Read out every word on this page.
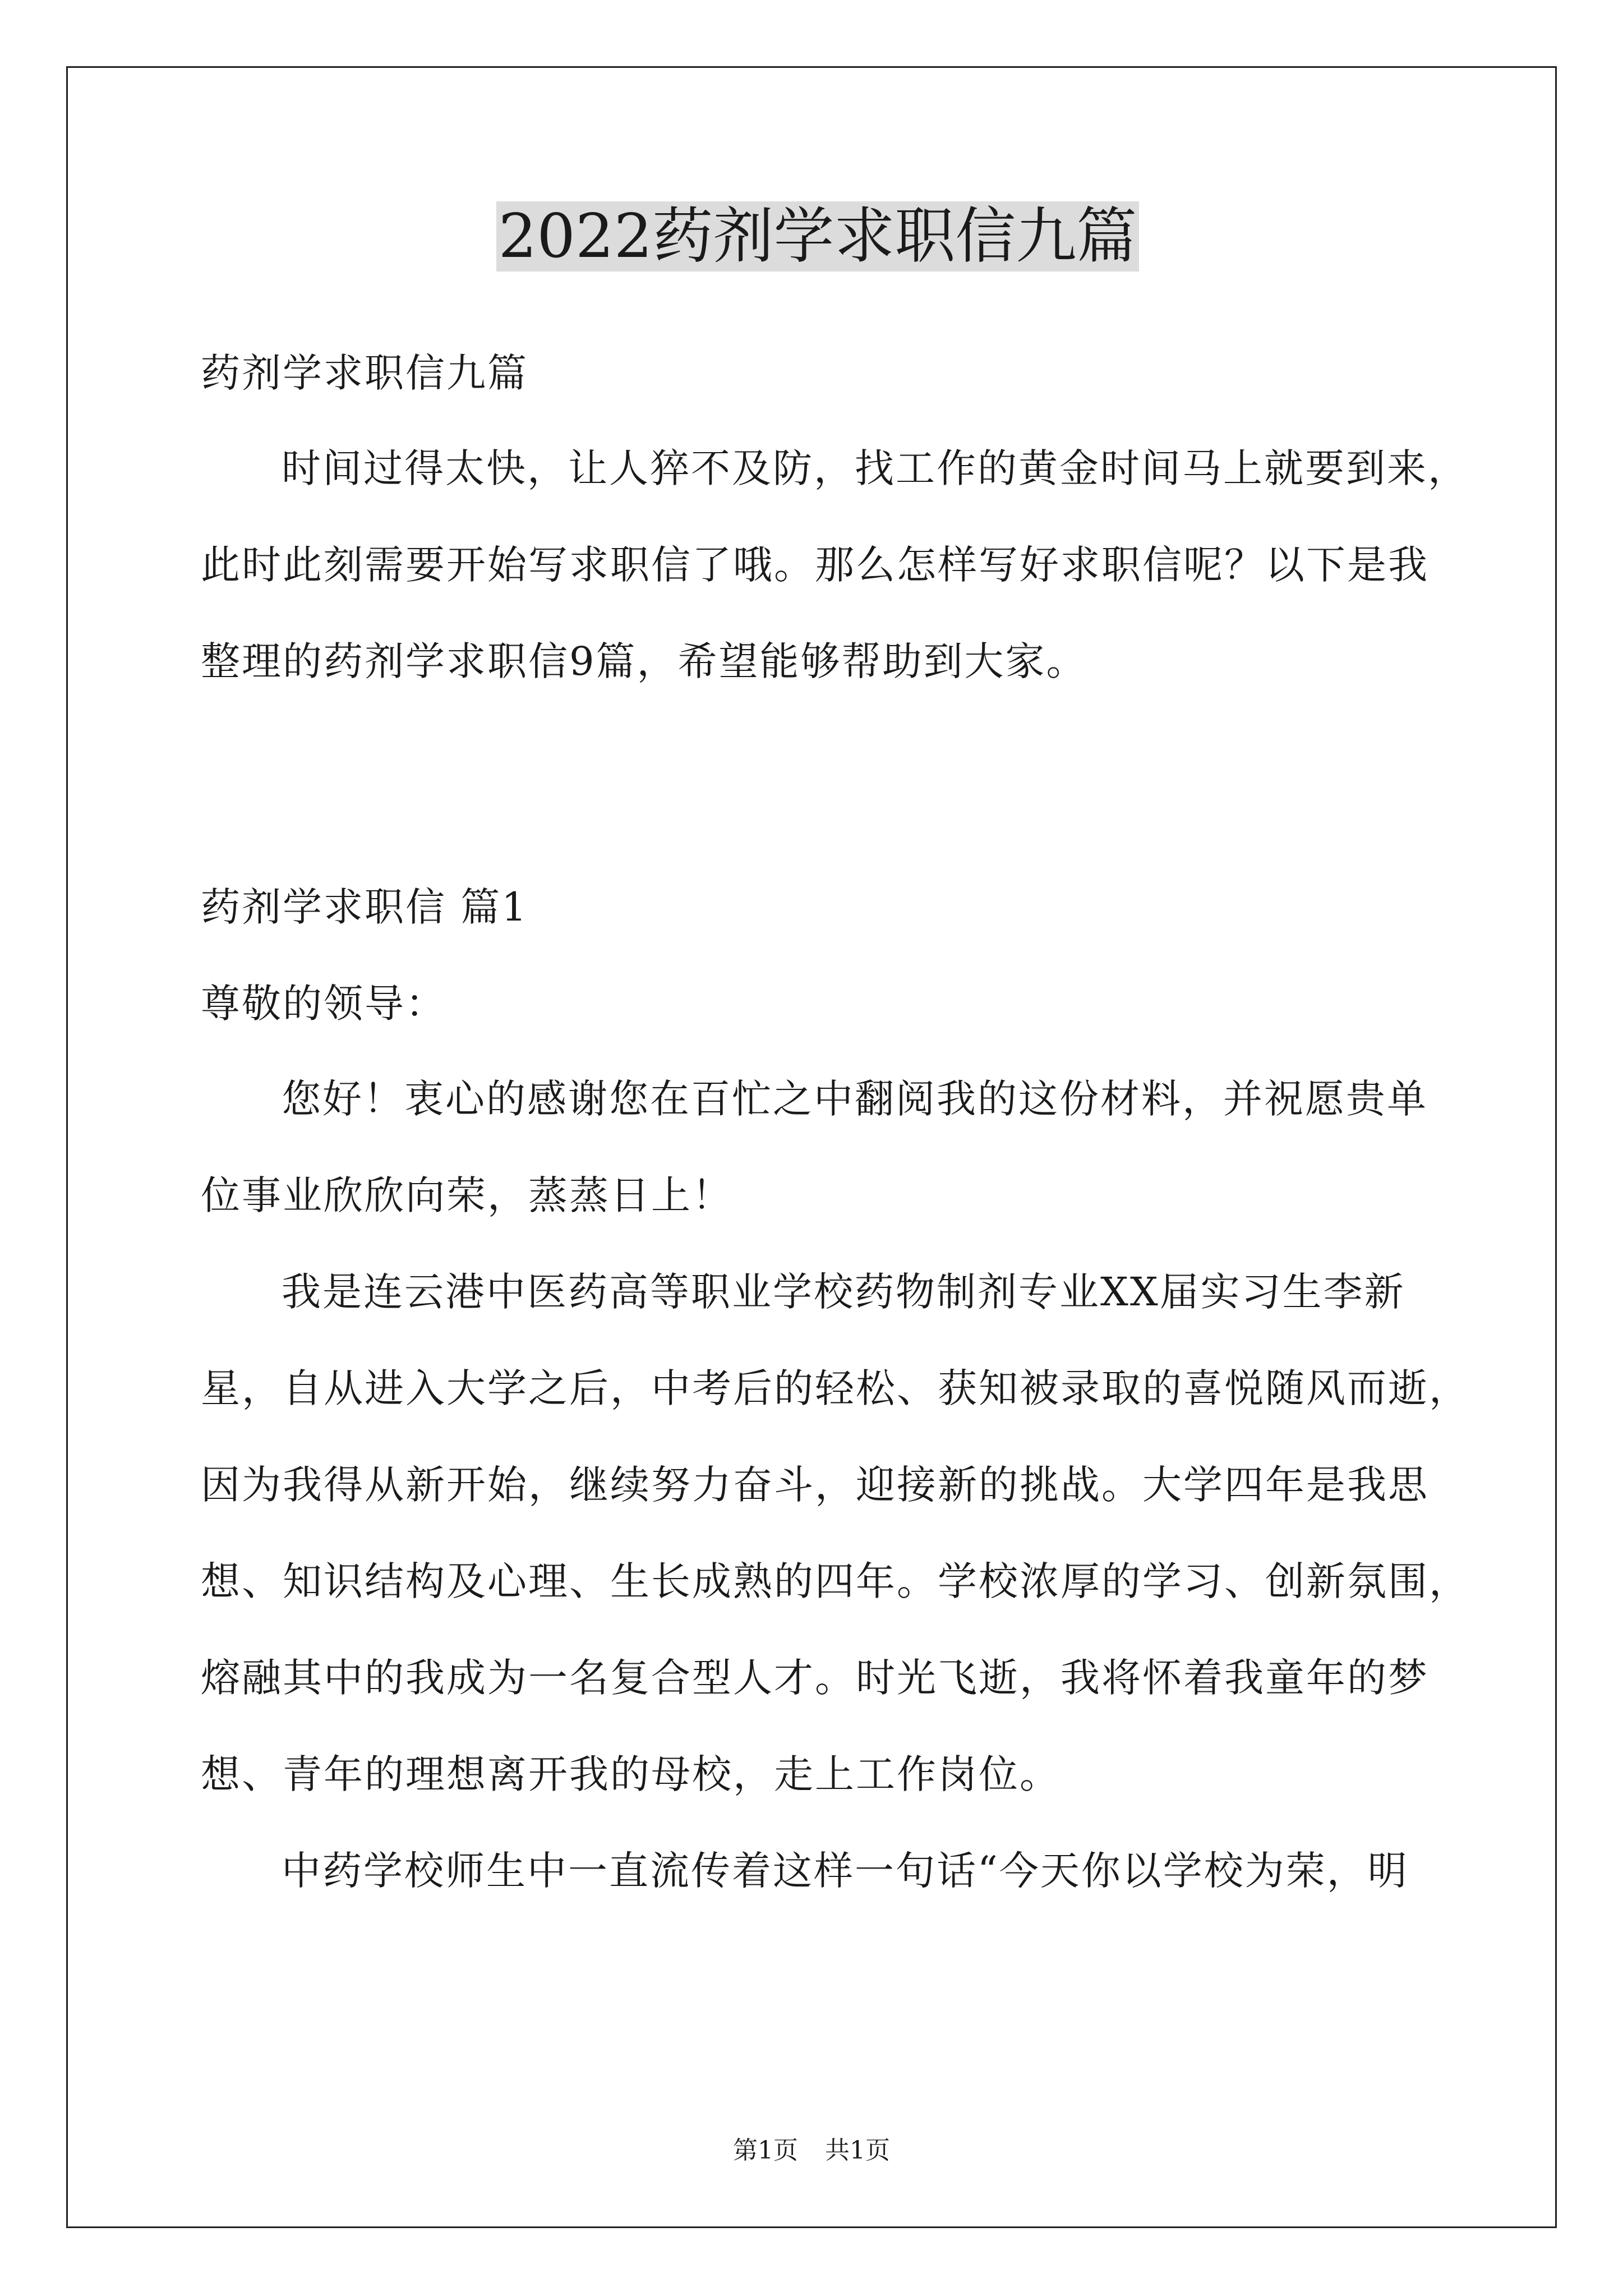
2022药剂学求职信九篇

药剂学求职信九篇

时间过得太快，让人猝不及防，找工作的黄金时间马上就要到来，

此时此刻需要开始写求职信了哦。那么怎样写好求职信呢？以下是我

整理的药剂学求职信9篇，希望能够帮助到大家。

药剂学求职信 篇1

尊敬的领导：

您好！衷心的感谢您在百忙之中翻阅我的这份材料，并祝愿贵单

位事业欣欣向荣，蒸蒸日上！

我是连云港中医药高等职业学校药物制剂专业XX届实习生李新

星，自从进入大学之后，中考后的轻松、获知被录取的喜悦随风而逝，

因为我得从新开始，继续努力奋斗，迎接新的挑战。大学四年是我思

想、知识结构及心理、生长成熟的四年。学校浓厚的学习、创新氛围，

熔融其中的我成为一名复合型人才。时光飞逝，我将怀着我童年的梦

想、青年的理想离开我的母校，走上工作岗位。

中药学校师生中一直流传着这样一句话“今天你以学校为荣，明

第1页 共1页
